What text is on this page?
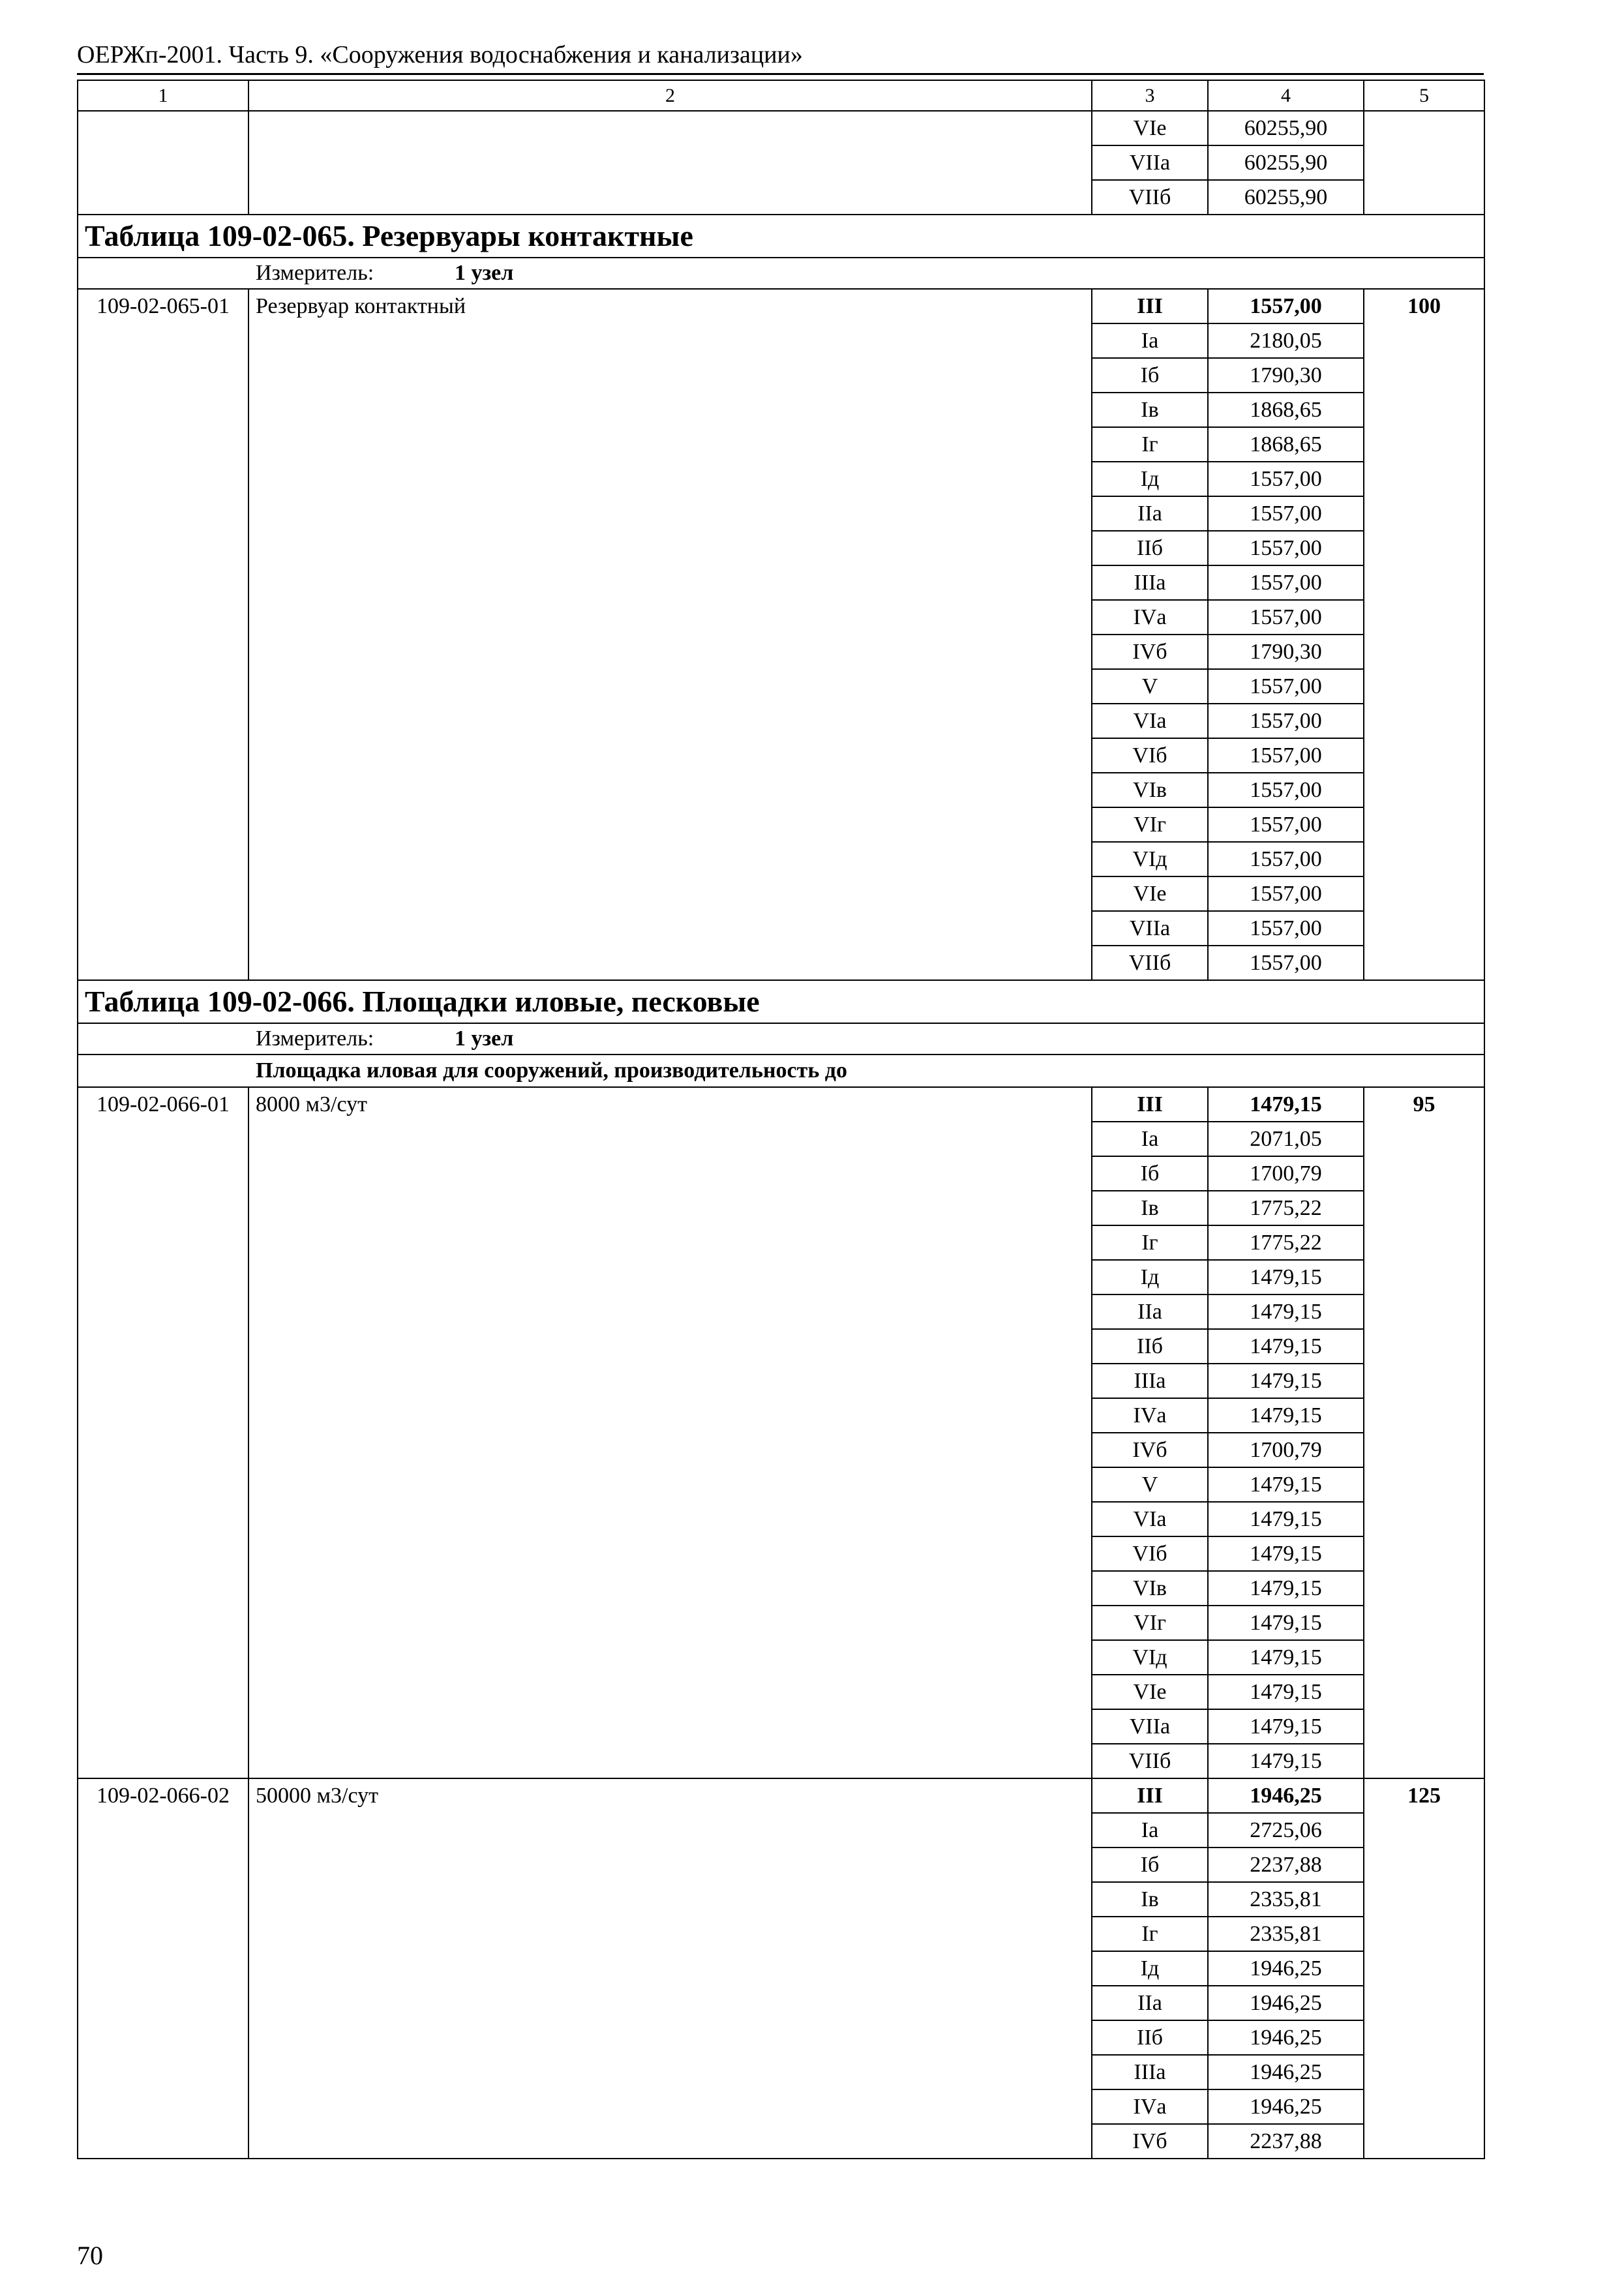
ОЕРЖп-2001. Часть 9. «Сооружения водоснабжения и канализации»
1	2	3	4	5
		VIе	60255,90	
		VIIа	60255,90	
		VIIб	60255,90	
Таблица 109-02-065. Резервуары контактные				
Измеритель: 1 узел				
109-02-065-01	Резервуар контактный	III	1557,00	100
		Iа	2180,05	
		Iб	1790,30	
		Iв	1868,65	
		Iг	1868,65	
		Iд	1557,00	
		IIа	1557,00	
		IIб	1557,00	
		IIIа	1557,00	
		IVа	1557,00	
		IVб	1790,30	
		V	1557,00	
		VIа	1557,00	
		VIб	1557,00	
		VIв	1557,00	
		VIг	1557,00	
		VIд	1557,00	
		VIе	1557,00	
		VIIа	1557,00	
		VIIб	1557,00	
Таблица 109-02-066. Площадки иловые, песковые				
Измеритель: 1 узел				
Площадка иловая для сооружений, производительность до				
109-02-066-01	8000 м3/сут	III	1479,15	95
		Iа	2071,05	
		Iб	1700,79	
		Iв	1775,22	
		Iг	1775,22	
		Iд	1479,15	
		IIа	1479,15	
		IIб	1479,15	
		IIIа	1479,15	
		IVа	1479,15	
		IVб	1700,79	
		V	1479,15	
		VIа	1479,15	
		VIб	1479,15	
		VIв	1479,15	
		VIг	1479,15	
		VIд	1479,15	
		VIе	1479,15	
		VIIа	1479,15	
		VIIб	1479,15	
109-02-066-02	50000 м3/сут	III	1946,25	125
		Iа	2725,06	
		Iб	2237,88	
		Iв	2335,81	
		Iг	2335,81	
		Iд	1946,25	
		IIа	1946,25	
		IIб	1946,25	
		IIIа	1946,25	
		IVа	1946,25	
		IVб	2237,88	
70
